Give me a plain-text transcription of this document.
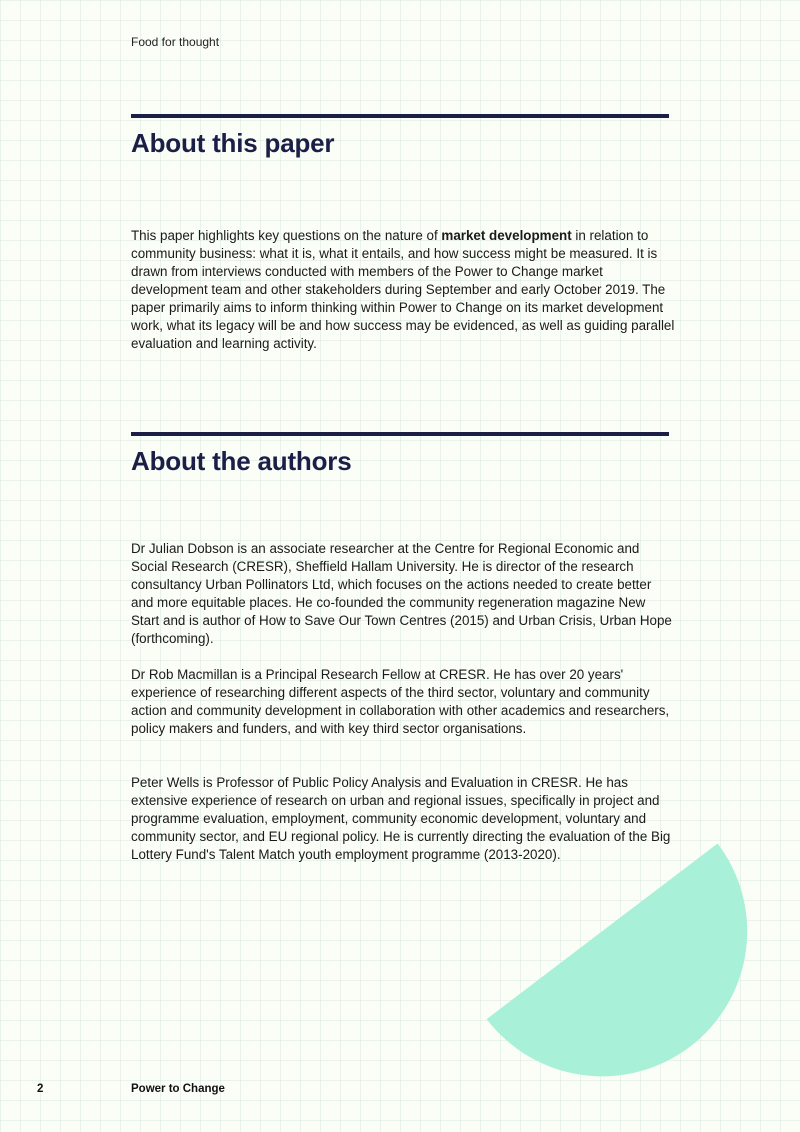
Food for thought
About this paper

This paper highlights key questions on the nature of market development in relation to community business: what it is, what it entails, and how success might be measured. It is drawn from interviews conducted with members of the Power to Change market development team and other stakeholders during September and early October 2019. The paper primarily aims to inform thinking within Power to Change on its market development work, what its legacy will be and how success may be evidenced, as well as guiding parallel evaluation and learning activity.

About the authors

Dr Julian Dobson is an associate researcher at the Centre for Regional Economic and Social Research (CRESR), Sheffield Hallam University. He is director of the research consultancy Urban Pollinators Ltd, which focuses on the actions needed to create better and more equitable places. He co-founded the community regeneration magazine New Start and is author of How to Save Our Town Centres (2015) and Urban Crisis, Urban Hope (forthcoming).

Dr Rob Macmillan is a Principal Research Fellow at CRESR. He has over 20 years' experience of researching different aspects of the third sector, voluntary and community action and community development in collaboration with other academics and researchers, policy makers and funders, and with key third sector organisations.

Peter Wells is Professor of Public Policy Analysis and Evaluation in CRESR. He has extensive experience of research on urban and regional issues, specifically in project and programme evaluation, employment, community economic development, voluntary and community sector, and EU regional policy. He is currently directing the evaluation of the Big Lottery Fund's Talent Match youth employment programme (2013-2020).

2	Power to Change
